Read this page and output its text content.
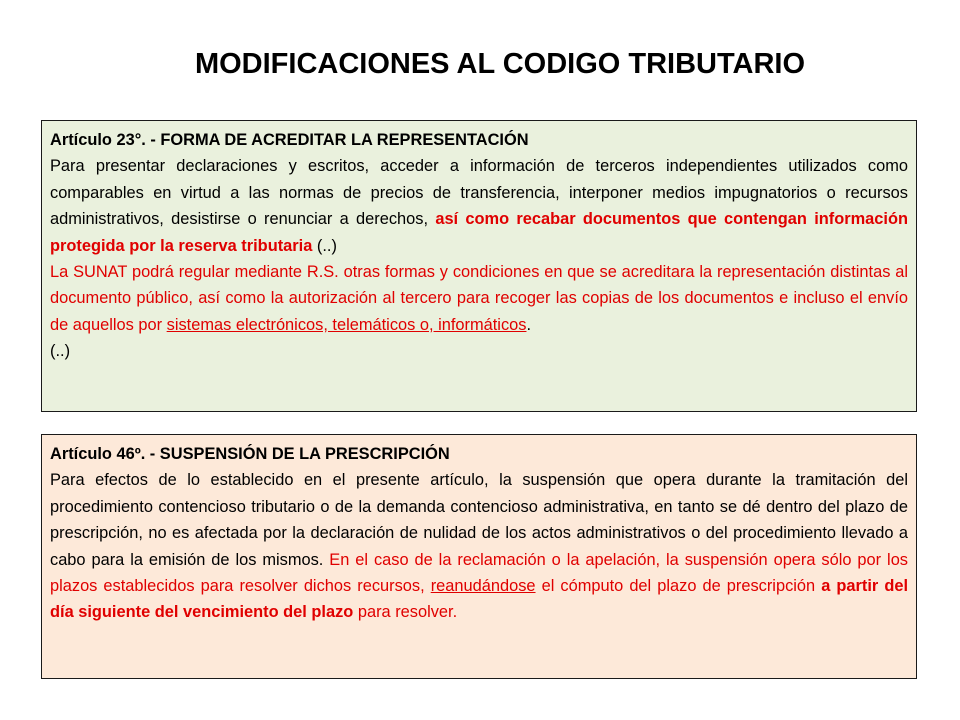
MODIFICACIONES AL CODIGO TRIBUTARIO

Artículo 23°. - FORMA DE ACREDITAR LA REPRESENTACIÓN

Para presentar declaraciones y escritos, acceder a información de terceros independientes utilizados como comparables en virtud a las normas de precios de transferencia, interponer medios impugnatorios o recursos administrativos, desistirse o renunciar a derechos, así como recabar documentos que contengan información protegida por la reserva tributaria (..)

La SUNAT podrá regular mediante R.S. otras formas y condiciones en que se acreditara la representación distintas al documento público, así como la autorización al tercero para recoger las copias de los documentos e incluso el envío de aquellos por sistemas electrónicos, telemáticos o, informáticos.

(..)

Artículo 46º. - SUSPENSIÓN DE LA PRESCRIPCIÓN

Para efectos de lo establecido en el presente artículo, la suspensión que opera durante la tramitación del procedimiento contencioso tributario o de la demanda contencioso administrativa, en tanto se dé dentro del plazo de prescripción, no es afectada por la declaración de nulidad de los actos administrativos o del procedimiento llevado a cabo para la emisión de los mismos. En el caso de la reclamación o la apelación, la suspensión opera sólo por los plazos establecidos para resolver dichos recursos, reanudándose el cómputo del plazo de prescripción a partir del día siguiente del vencimiento del plazo para resolver.
